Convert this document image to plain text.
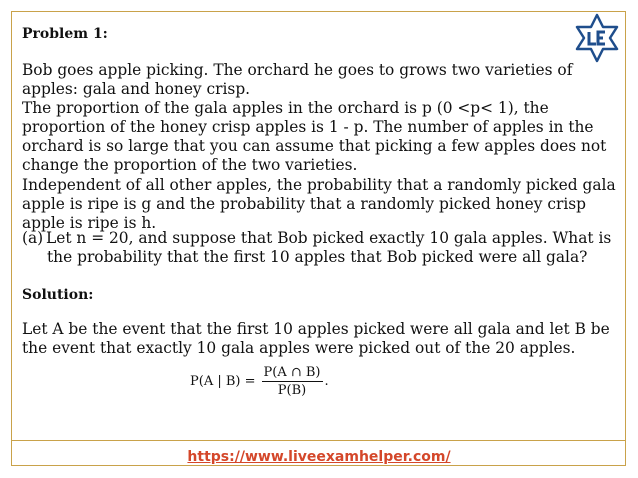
Problem 1:

Bob goes apple picking. The orchard he goes to grows two varieties of apples: gala and honey crisp.

The proportion of the gala apples in the orchard is p (0 <p< 1), the proportion of the honey crisp apples is 1 - p. The number of apples in the orchard is so large that you can assume that picking a few apples does not change the proportion of the two varieties.

Independent of all other apples, the probability that a randomly picked gala apple is ripe is g and the probability that a randomly picked honey crisp apple is ripe is h.

(a) Let n = 20, and suppose that Bob picked exactly 10 gala apples. What is the probability that the first 10 apples that Bob picked were all gala?

Solution:

Let A be the event that the first 10 apples picked were all gala and let B be the event that exactly 10 gala apples were picked out of the 20 apples.

P(A | $B) = \frac{P(A \cap B)}{P(B)}$ .
https://www.liveexamhelper.com/
